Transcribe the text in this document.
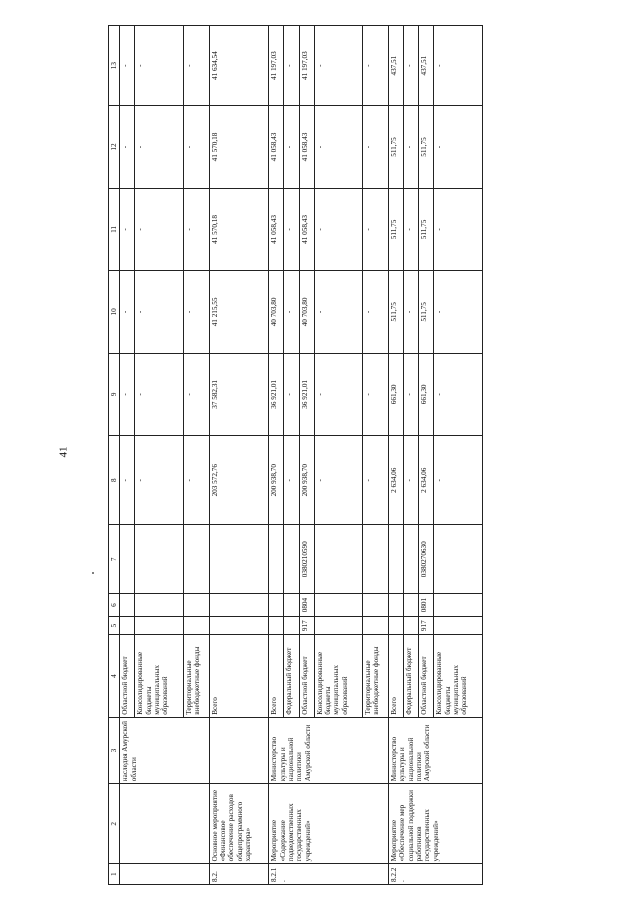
41
1	2	3	4	5	6	7	8	9	10	11	12	13
		наследия Амурской области	Областной бюджет				-	-	-	-	-	-
			Консолидированные бюджеты муниципальных образований				-	-	-	-	-	-
			Территориальные внебюджетные фонды				-	-	-	-	-	-
8.2.	Основное мероприятие «Финансовое обеспечение расходов общепрограммного характера»		Всего				203 572,76	37 582,31	41 215,55	41 570,18	41 570,18	41 634,54
8.2.1.	Мероприятие «Содержание подведомственных государственных учреждений»	Министерство культуры и национальной политики Амурской области	Всего				200 938,70	36 921,01	40 703,80	41 058,43	41 058,43	41 197,03
			Федеральный бюджет				-	-	-	-	-	-
			Областной бюджет	917	0804	0380210590	200 938,70	36 921,01	40 703,80	41 058,43	41 058,43	41 197,03
			Консолидированные бюджеты муниципальных образований				-	-	-	-	-	-
			Территориальные внебюджетные фонды				-	-	-	-	-	-
8.2.2.	Мероприятие «Обеспечение мер социальной поддержки работников государственных учреждений»	Министерство культуры и национальной политики Амурской области	Всего				2 634,06	661,30	511,75	511,75	511,75	437,51
			Федеральный бюджет				-	-	-	-	-	-
			Областной бюджет	917	0801	0380270630	2 634,06	661,30	511,75	511,75	511,75	437,51
			Консолидированные бюджеты муниципальных образований				-	-	-	-	-	-
